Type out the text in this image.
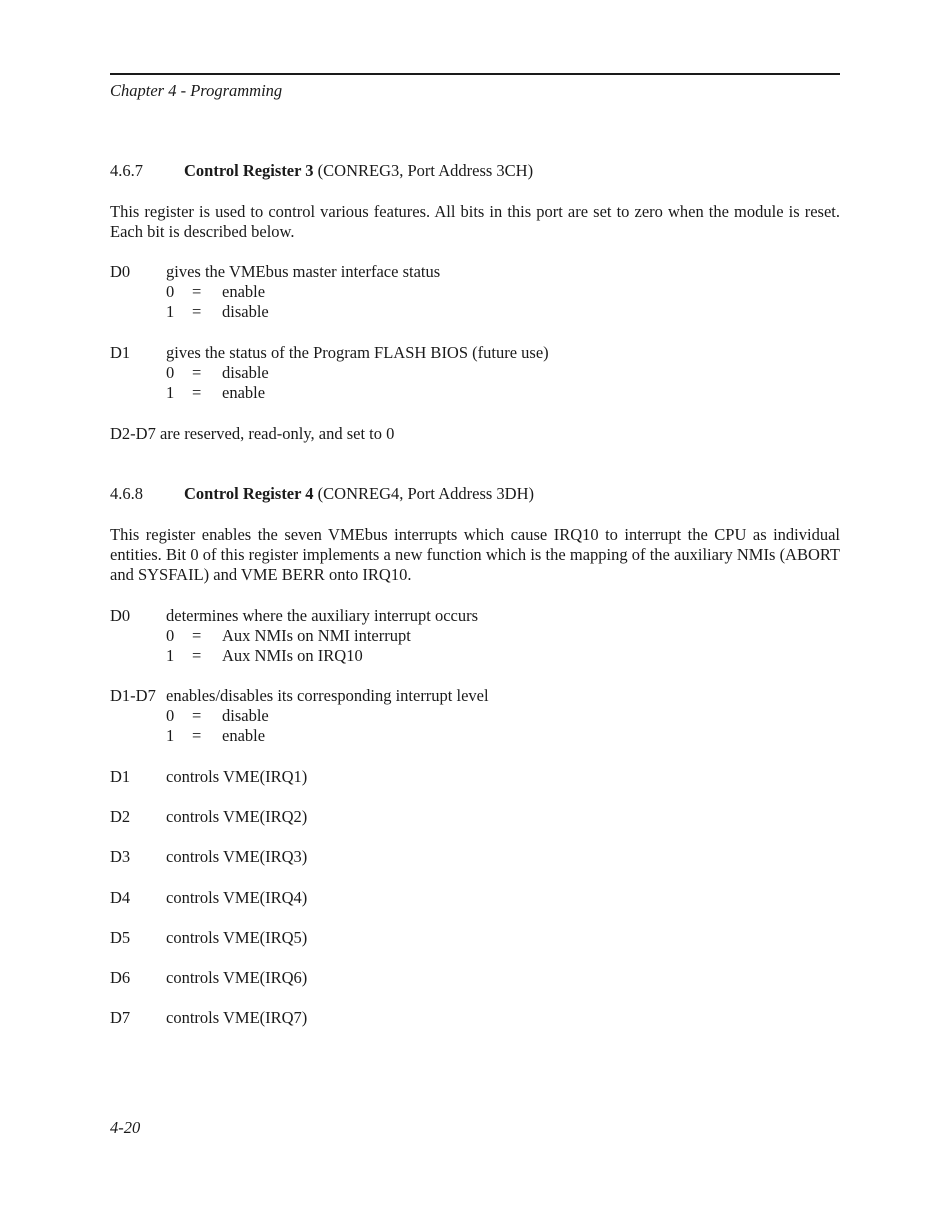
Chapter 4 - Programming
4.6.7 Control Register 3 (CONREG3, Port Address 3CH)
This register is used to control various features. All bits in this port are set to zero when the module is reset. Each bit is described below.
D0 gives the VMEbus master interface status
0 = enable
1 = disable
D1 gives the status of the Program FLASH BIOS (future use)
0 = disable
1 = enable
D2-D7 are reserved, read-only, and set to 0
4.6.8 Control Register 4 (CONREG4, Port Address 3DH)
This register enables the seven VMEbus interrupts which cause IRQ10 to interrupt the CPU as individual entities. Bit 0 of this register implements a new function which is the mapping of the auxiliary NMIs (ABORT and SYSFAIL) and VME BERR onto IRQ10.
D0 determines where the auxiliary interrupt occurs
0 = Aux NMIs on NMI interrupt
1 = Aux NMIs on IRQ10
D1-D7 enables/disables its corresponding interrupt level
0 = disable
1 = enable
D1 controls VME(IRQ1)
D2 controls VME(IRQ2)
D3 controls VME(IRQ3)
D4 controls VME(IRQ4)
D5 controls VME(IRQ5)
D6 controls VME(IRQ6)
D7 controls VME(IRQ7)
4-20
